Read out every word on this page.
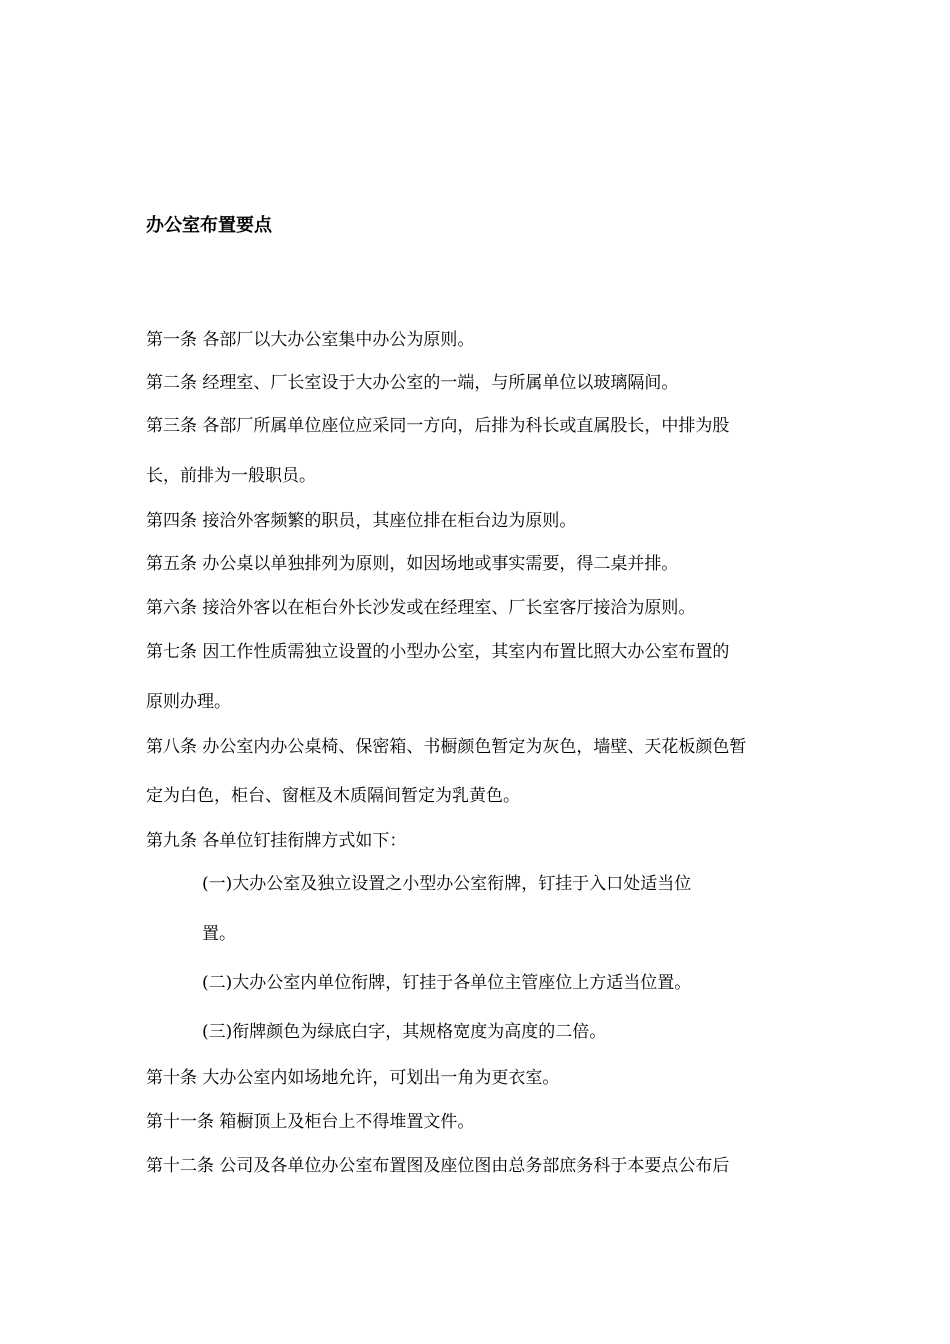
办公室布置要点
第一条 各部厂以大办公室集中办公为原则。
第二条 经理室、厂长室设于大办公室的一端，与所属单位以玻璃隔间。
第三条 各部厂所属单位座位应采同一方向，后排为科长或直属股长，中排为股
长，前排为一般职员。
第四条 接洽外客频繁的职员，其座位排在柜台边为原则。
第五条 办公桌以单独排列为原则，如因场地或事实需要，得二桌并排。
第六条 接洽外客以在柜台外长沙发或在经理室、厂长室客厅接洽为原则。
第七条 因工作性质需独立设置的小型办公室，其室内布置比照大办公室布置的
原则办理。
第八条 办公室内办公桌椅、保密箱、书橱颜色暂定为灰色，墙壁、天花板颜色暂
定为白色，柜台、窗框及木质隔间暂定为乳黄色。
第九条 各单位钉挂衔牌方式如下：
(一)大办公室及独立设置之小型办公室衔牌，钉挂于入口处适当位
置。
(二)大办公室内单位衔牌，钉挂于各单位主管座位上方适当位置。
(三)衔牌颜色为绿底白字，其规格宽度为高度的二倍。
第十条 大办公室内如场地允许，可划出一角为更衣室。
第十一条 箱橱顶上及柜台上不得堆置文件。
第十二条 公司及各单位办公室布置图及座位图由总务部庶务科于本要点公布后
